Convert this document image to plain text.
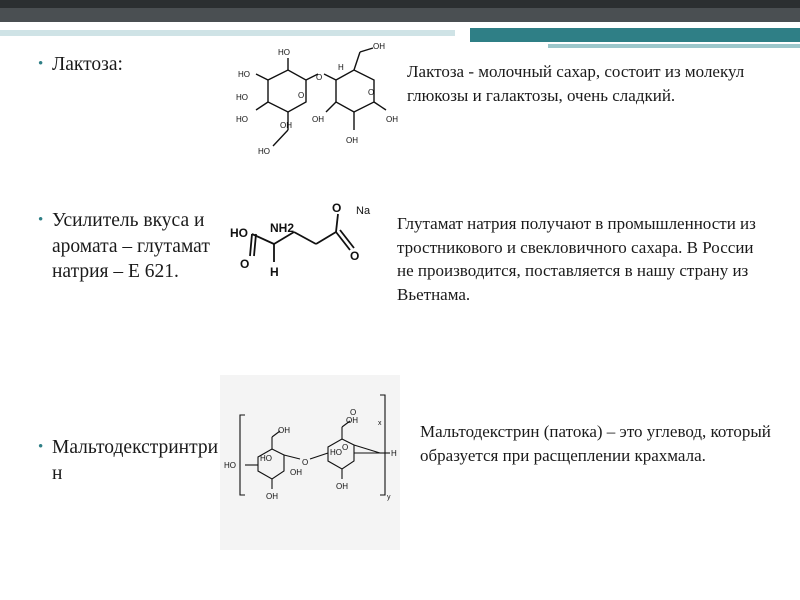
• Лактоза:
• Усилитель вкуса и аромата – глутамат натрия – Е 621.
• Мальтодекстринтрин
Лактоза - молочный сахар, состоит из молекул глюкозы и галактозы, очень сладкий.
Глутамат натрия получают в промышленности из тростникового и свекловичного сахара. В России не производится, поставляется в нашу страну из Вьетнама.
Мальтодекстрин (патока) – это углевод, который образуется при расщеплении крахмала.
HO
OH
HO	O
O
HO
HO
O
HO
OH
OH
OH
H
OH
HO NH2
H
O
O
O
Na
OH
HO	O
HO
OH
OH
O
O
OH
HO
OH
H
x
y
